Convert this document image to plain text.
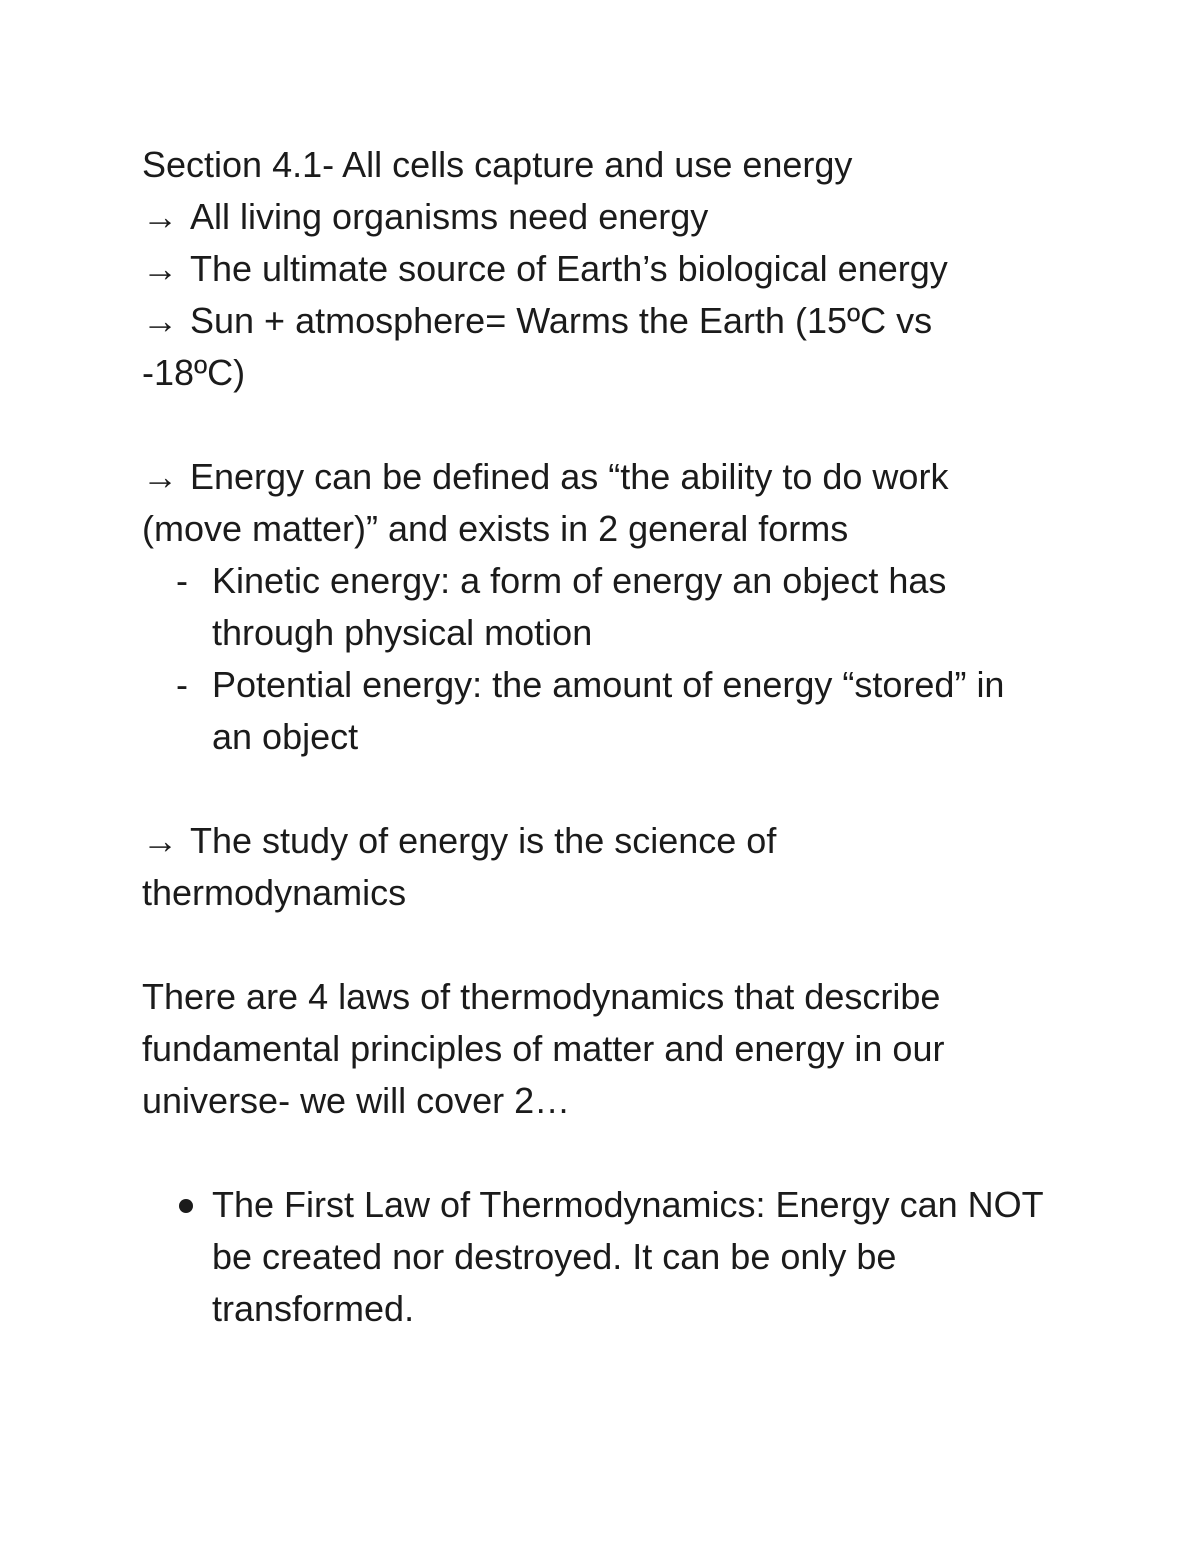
Section 4.1- All cells capture and use energy
→ All living organisms need energy
→ The ultimate source of Earth’s biological energy
→ Sun + atmosphere= Warms the Earth (15ºC vs -18ºC)
→ Energy can be defined as “the ability to do work (move matter)” and exists in 2 general forms
- Kinetic energy: a form of energy an object has through physical motion
- Potential energy: the amount of energy “stored” in an object
→ The study of energy is the science of thermodynamics
There are 4 laws of thermodynamics that describe fundamental principles of matter and energy in our universe- we will cover 2…
The First Law of Thermodynamics: Energy can NOT be created nor destroyed. It can be only be transformed.
